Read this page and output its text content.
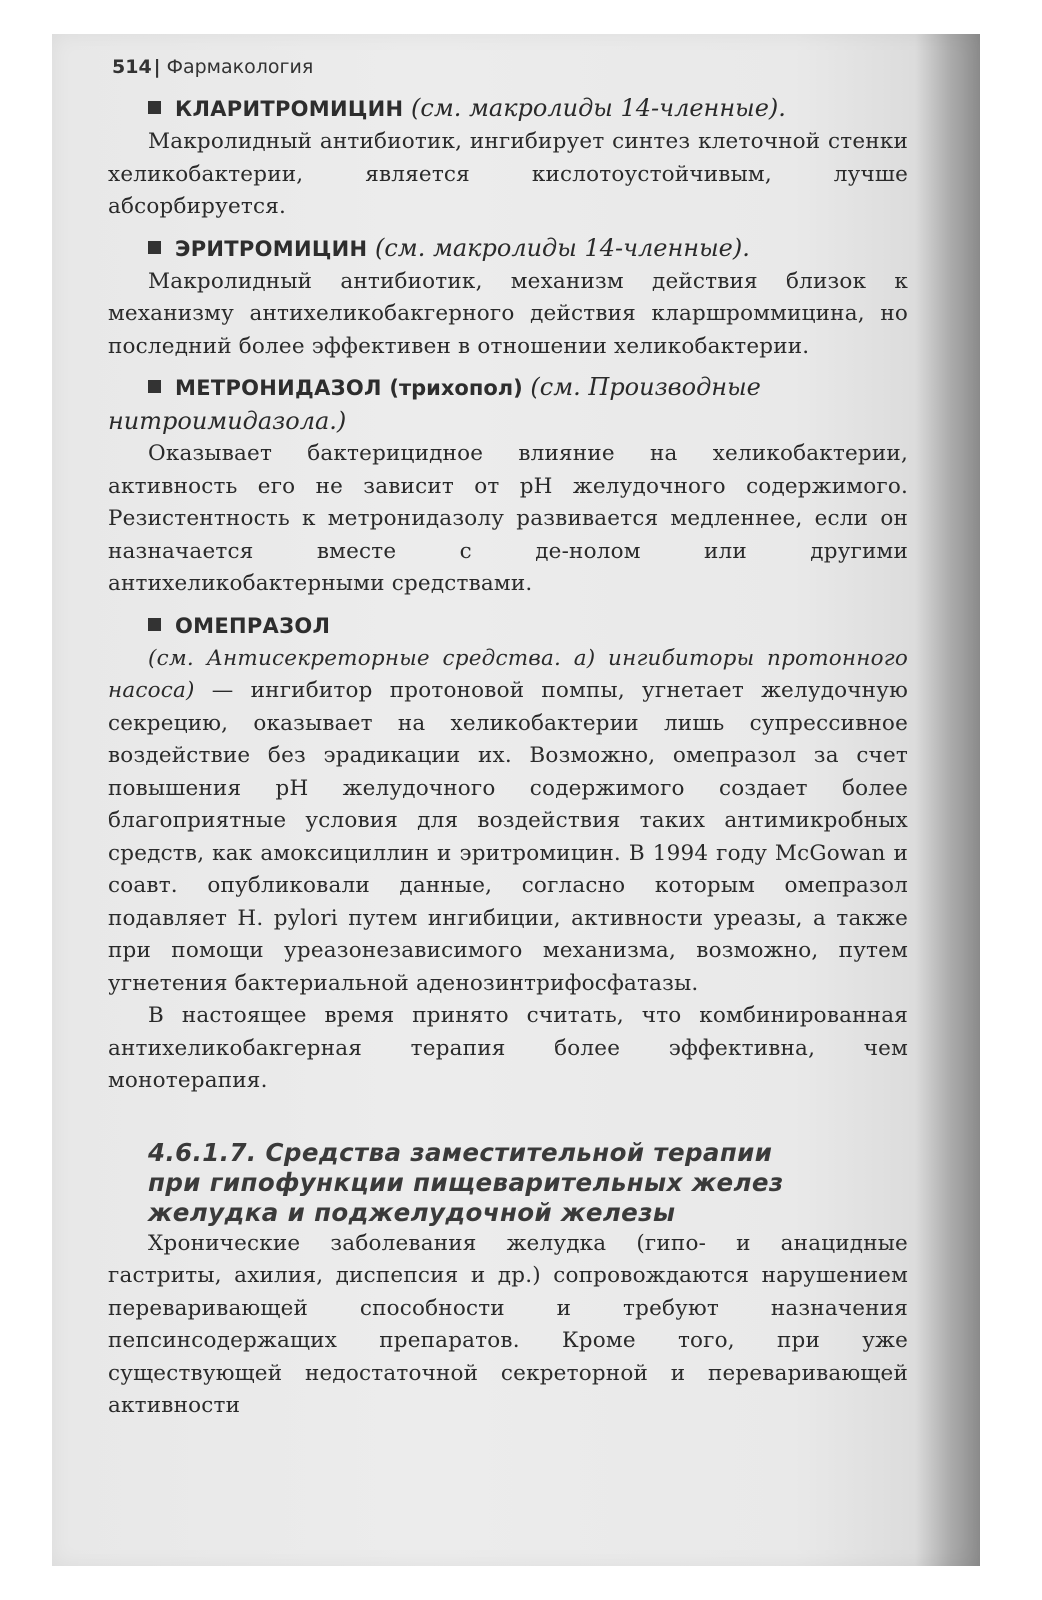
514 | Фармакология
КЛАРИТРОМИЦИН (см. макролиды 14-членные).
Макролидный антибиотик, ингибирует синтез клеточной стенки хеликобактерии, является кислотоустойчивым, лучше абсорбируется.
ЭРИТРОМИЦИН (см. макролиды 14-членные).
Макролидный антибиотик, механизм действия близок к механизму антихеликобакгерного действия кларшроммицина, но последний более эффективен в отношении хеликобактерии.
МЕТРОНИДАЗОЛ (трихопол) (см. Производные нитроимидазола.)
Оказывает бактерицидное влияние на хеликобактерии, активность его не зависит от рН желудочного содержимого. Резистентность к метронидазолу развивается медленнее, если он назначается вместе с де-нолом или другими антихеликобактерными средствами.
ОМЕПРАЗОЛ
(см. Антисекреторные средства. а) ингибиторы протонного насоса) — ингибитор протоновой помпы, угнетает желудочную секрецию, оказывает на хеликобактерии лишь супрессивное воздействие без эрадикации их. Возможно, омепразол за счет повышения рН желудочного содержимого создает более благоприятные условия для воздействия таких антимикробных средств, как амоксициллин и эритромицин. В 1994 году McGowan и соавт. опубликовали данные, согласно которым омепразол подавляет H. pylori путем ингибиции, активности уреазы, а также при помощи уреазонезависимого механизма, возможно, путем угнетения бактериальной аденозинтрифосфатазы.
В настоящее время принято считать, что комбинированная антихеликобакгерная терапия более эффективна, чем монотерапия.
4.6.1.7. Средства заместительной терапии
при гипофункции пищеварительных желез
желудка и поджелудочной железы
Хронические заболевания желудка (гипо- и анацидные гастриты, ахилия, диспепсия и др.) сопровождаются нарушением переваривающей способности и требуют назначения пепсинсодержащих препаратов. Кроме того, при уже существующей недостаточной секреторной и переваривающей активности
